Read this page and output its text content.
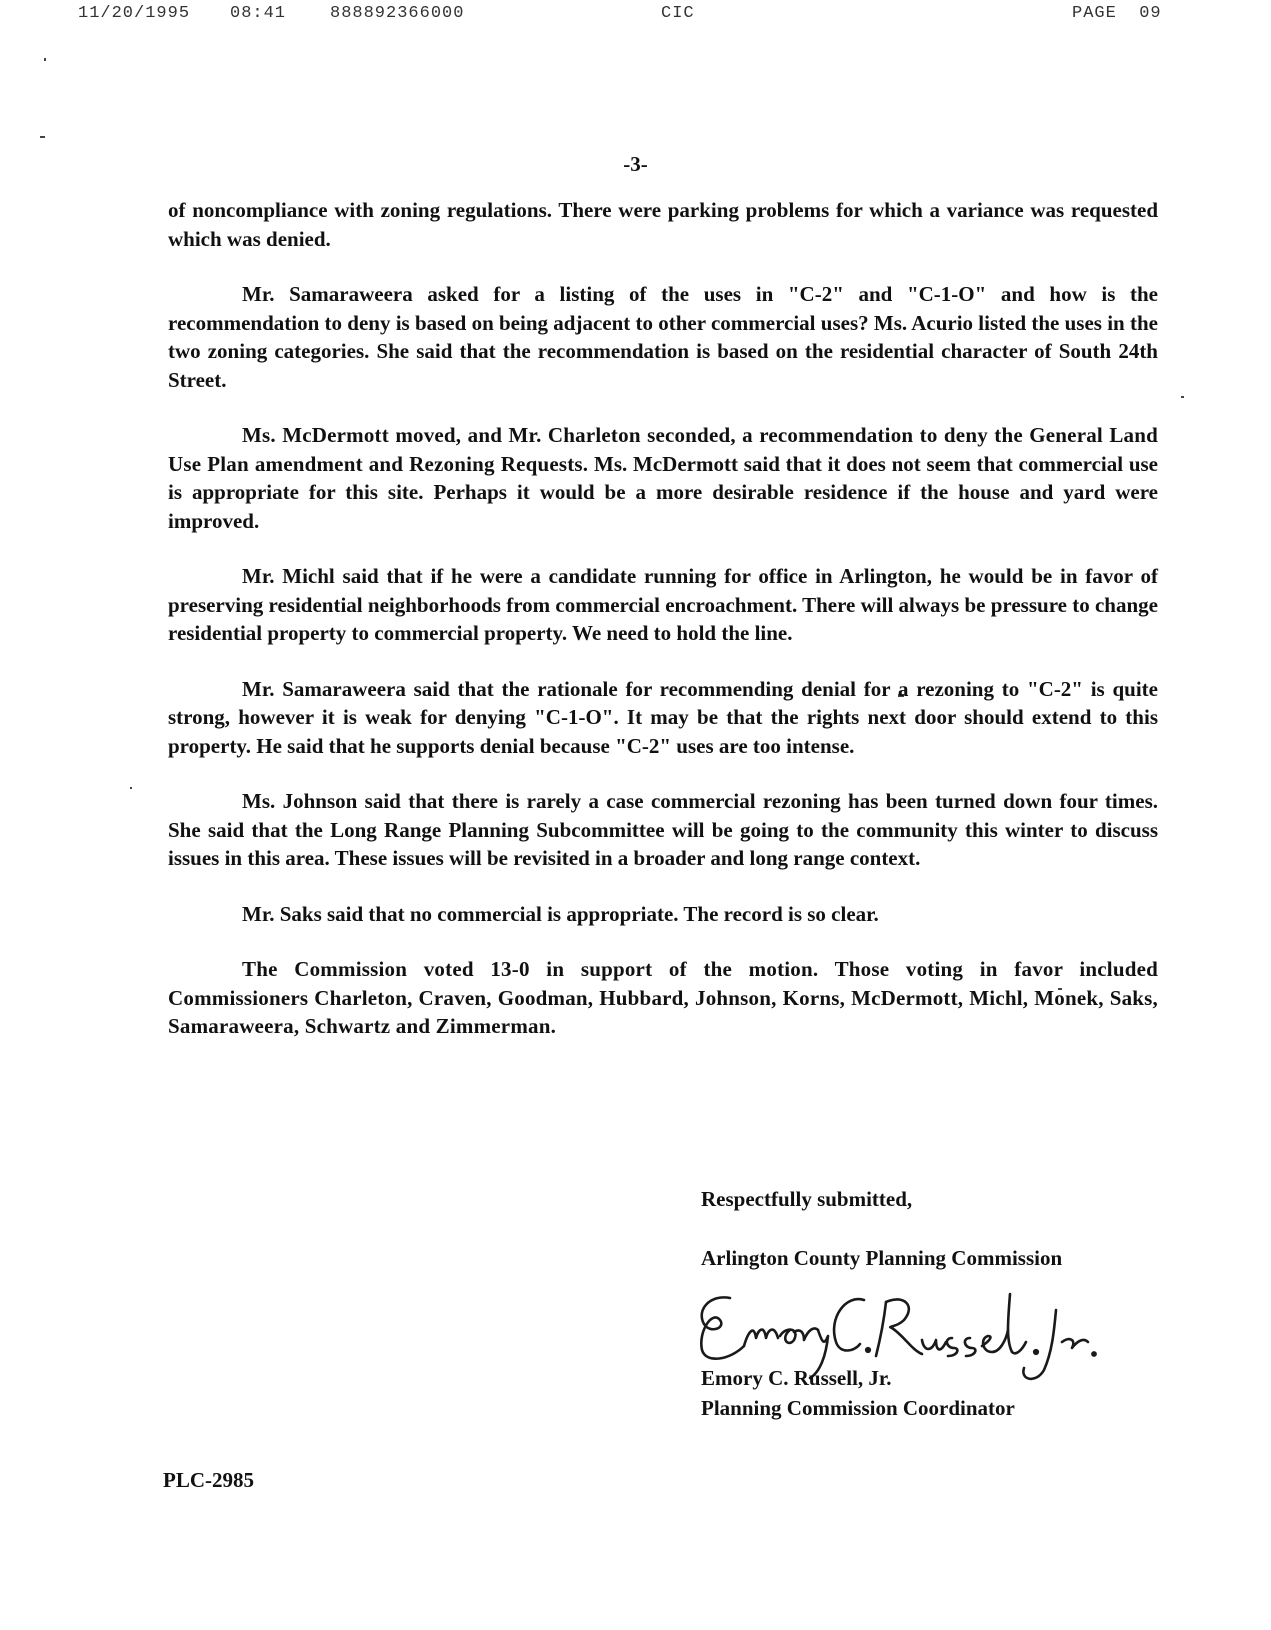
11/20/1995 08:41	888892366000	CIC	PAGE  09
-3-

of noncompliance with zoning regulations. There were parking problems for which a variance was requested which was denied.

Mr. Samaraweera asked for a listing of the uses in "C-2" and "C-1-O" and how is the recommendation to deny is based on being adjacent to other commercial uses? Ms. Acurio listed the uses in the two zoning categories. She said that the recommendation is based on the residential character of South 24th Street.

Ms. McDermott moved, and Mr. Charleton seconded, a recommendation to deny the General Land Use Plan amendment and Rezoning Requests. Ms. McDermott said that it does not seem that commercial use is appropriate for this site. Perhaps it would be a more desirable residence if the house and yard were improved.

Mr. Michl said that if he were a candidate running for office in Arlington, he would be in favor of preserving residential neighborhoods from commercial encroachment. There will always be pressure to change residential property to commercial property. We need to hold the line.

Mr. Samaraweera said that the rationale for recommending denial for a rezoning to "C-2" is quite strong, however it is weak for denying "C-1-O". It may be that the rights next door should extend to this property. He said that he supports denial because "C-2" uses are too intense.

Ms. Johnson said that there is rarely a case commercial rezoning has been turned down four times. She said that the Long Range Planning Subcommittee will be going to the community this winter to discuss issues in this area. These issues will be revisited in a broader and long range context.

Mr. Saks said that no commercial is appropriate. The record is so clear.

The Commission voted 13-0 in support of the motion. Those voting in favor included Commissioners Charleton, Craven, Goodman, Hubbard, Johnson, Korns, McDermott, Michl, Monek, Saks, Samaraweera, Schwartz and Zimmerman.

Respectfully submitted,
Arlington County Planning Commission
Emory C. Russell, Jr.
Planning Commission Coordinator
PLC-2985
